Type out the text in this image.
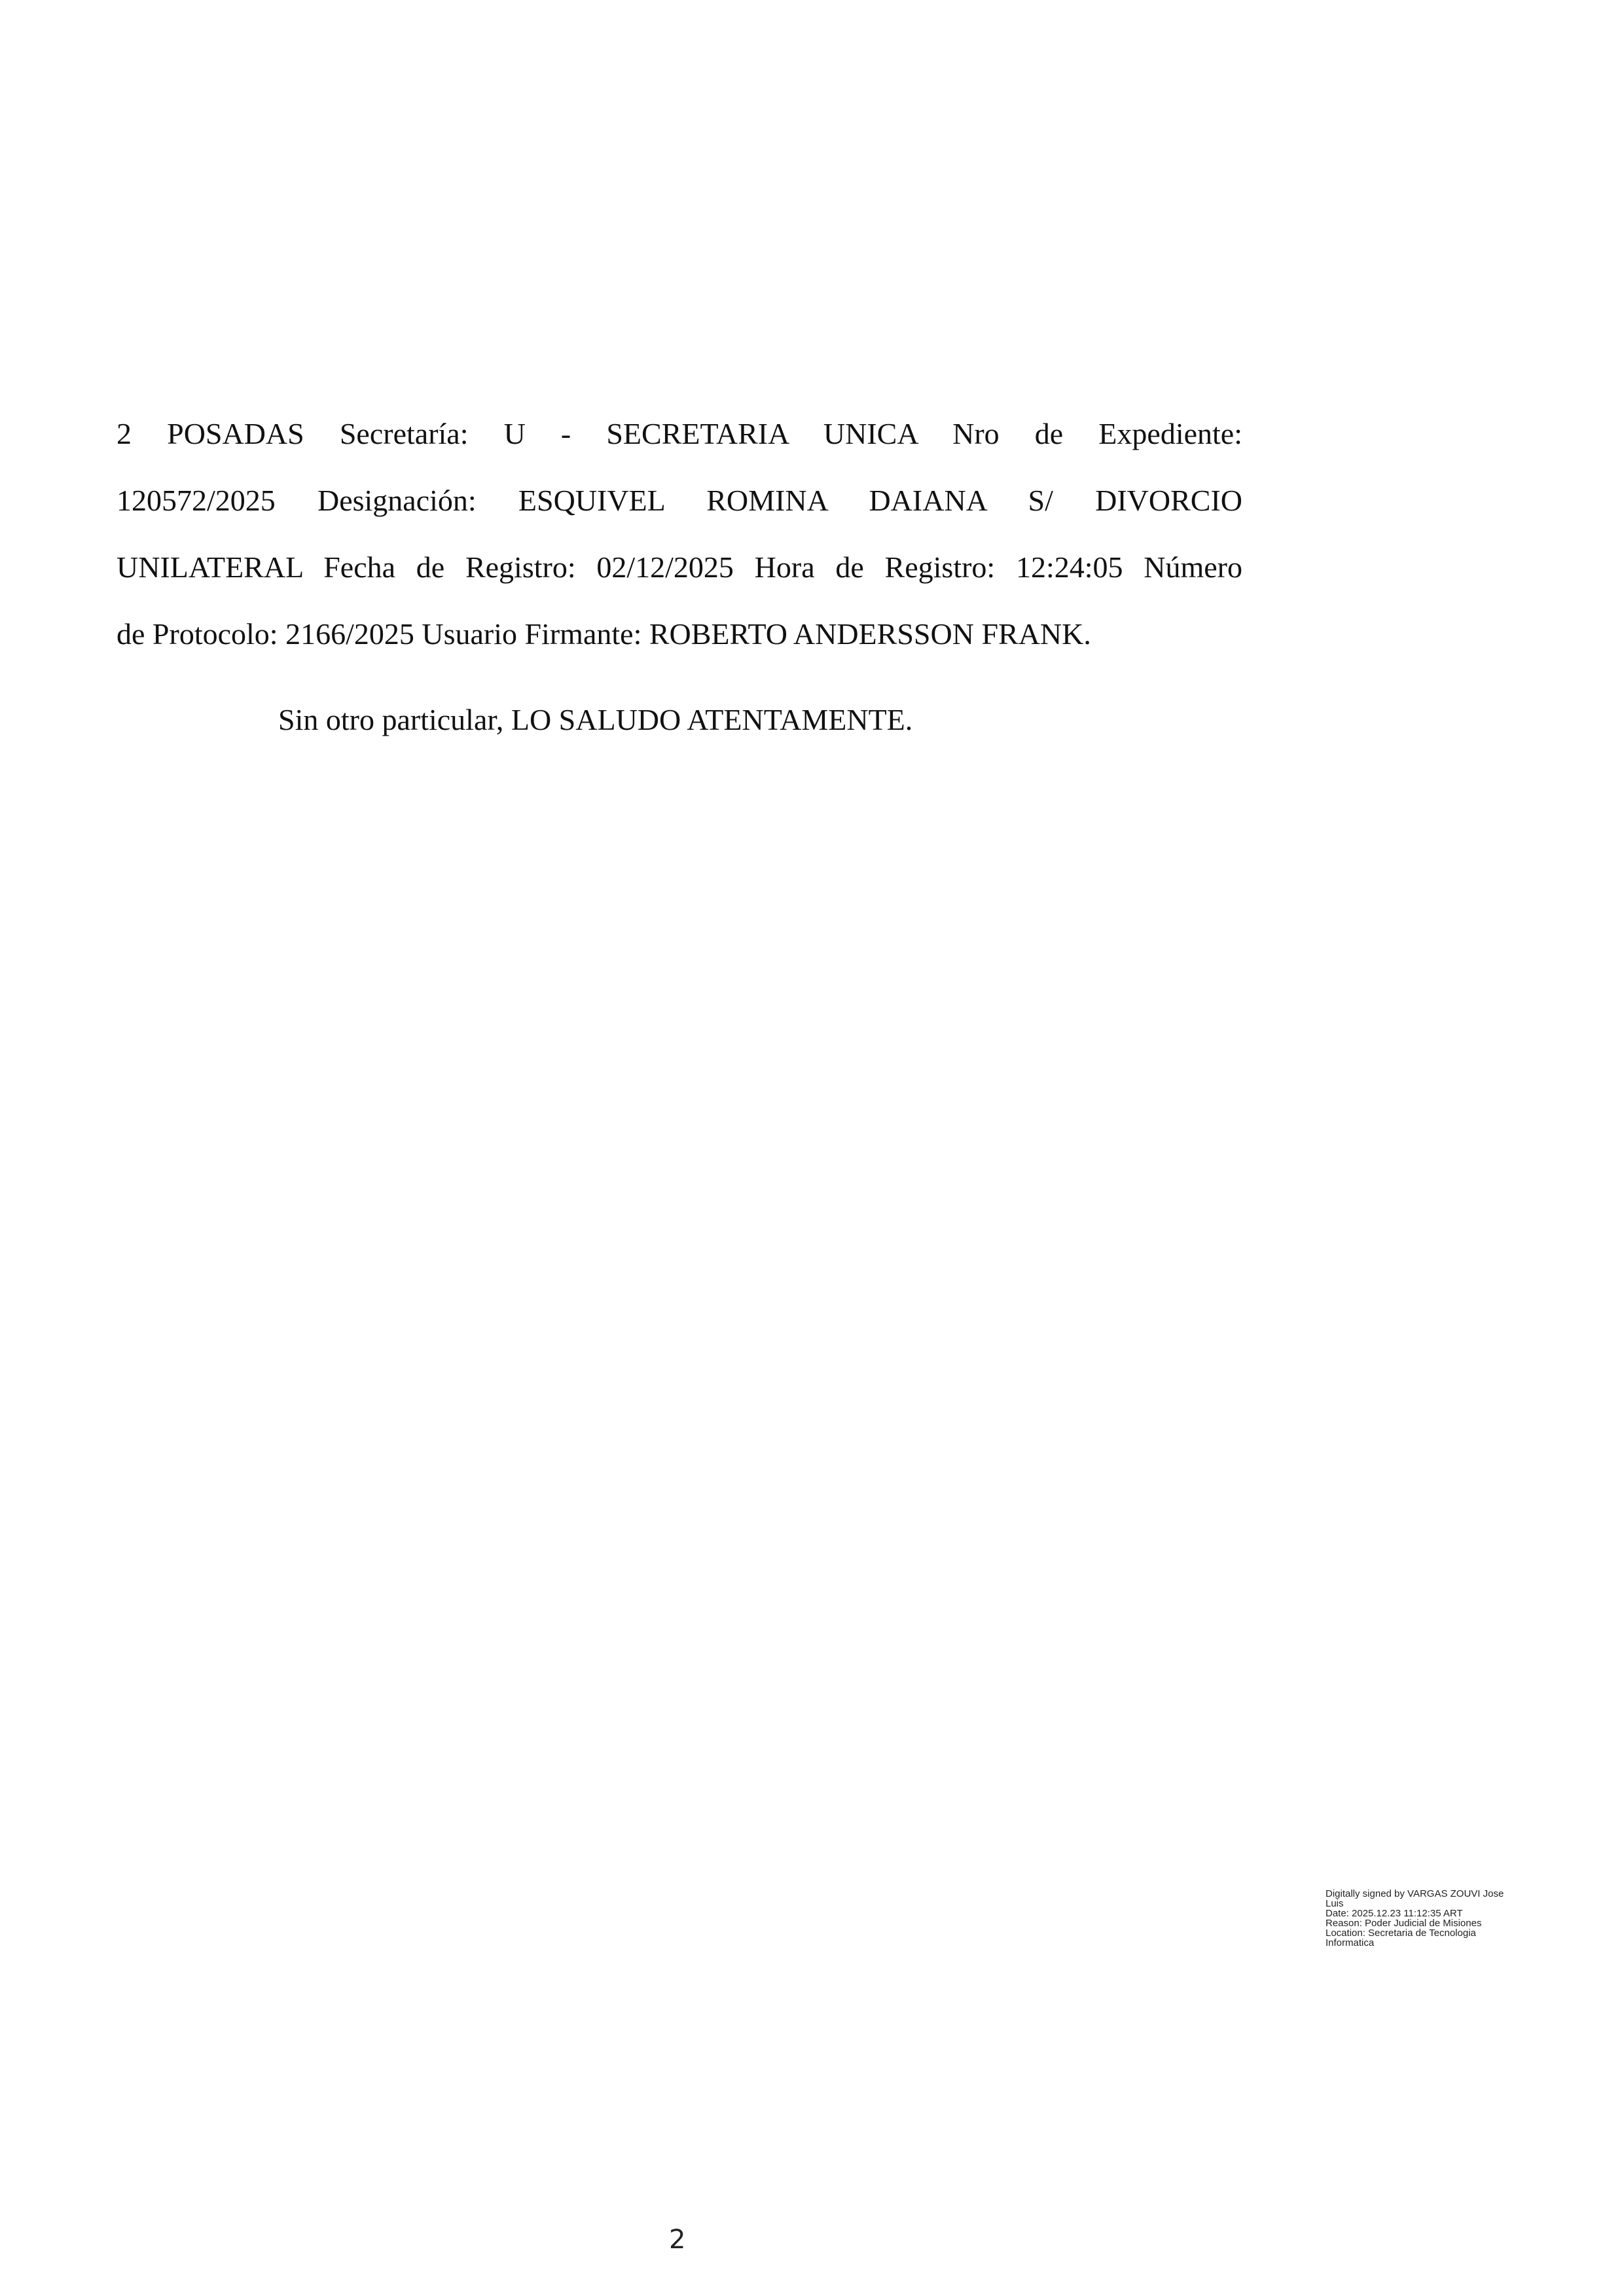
2 POSADAS Secretaría: U - SECRETARIA UNICA Nro de Expediente:
120572/2025 Designación: ESQUIVEL ROMINA DAIANA S/ DIVORCIO
UNILATERAL Fecha de Registro: 02/12/2025 Hora de Registro: 12:24:05 Número
de Protocolo: 2166/2025 Usuario Firmante: ROBERTO ANDERSSON FRANK.
Sin otro particular, LO SALUDO ATENTAMENTE.
Digitally signed by VARGAS ZOUVI Jose
Luis
Date: 2025.12.23 11:12:35 ART
Reason: Poder Judicial de Misiones
Location: Secretaria de Tecnologia
Informatica
2
